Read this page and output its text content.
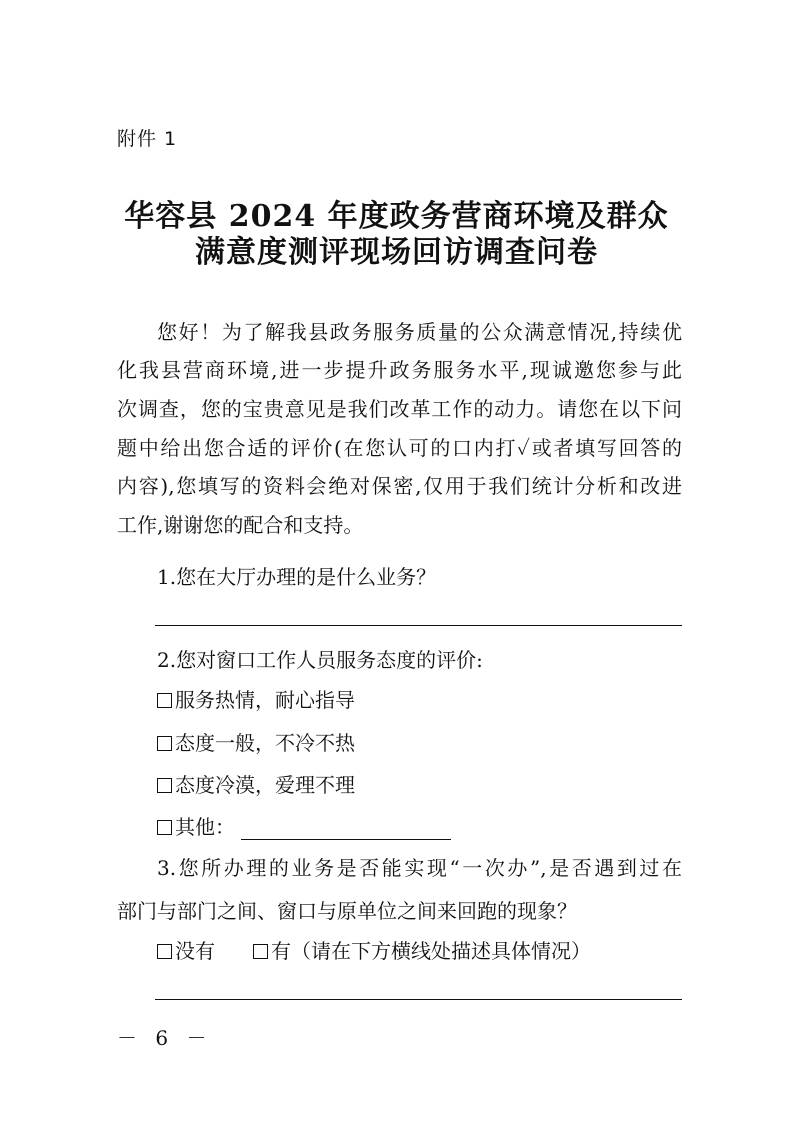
附件 1
华容县 2024 年度政务营商环境及群众
满意度测评现场回访调查问卷
您好！为了解我县政务服务质量的公众满意情况,持续优
化我县营商环境,进一步提升政务服务水平,现诚邀您参与此
次调查，您的宝贵意见是我们改革工作的动力。请您在以下问
题中给出您合适的评价(在您认可的口内打✓或者填写回答的
内容),您填写的资料会绝对保密,仅用于我们统计分析和改进
工作,谢谢您的配合和支持。
1.您在大厅办理的是什么业务？
2.您对窗口工作人员服务态度的评价:
服务热情，耐心指导
态度一般，不冷不热
态度冷漠，爱理不理
其他：
3.您所办理的业务是否能实现“一次办”,是否遇到过在
部门与部门之间、窗口与原单位之间来回跑的现象？
没有	有（请在下方横线处描述具体情况）
－ 6 －
